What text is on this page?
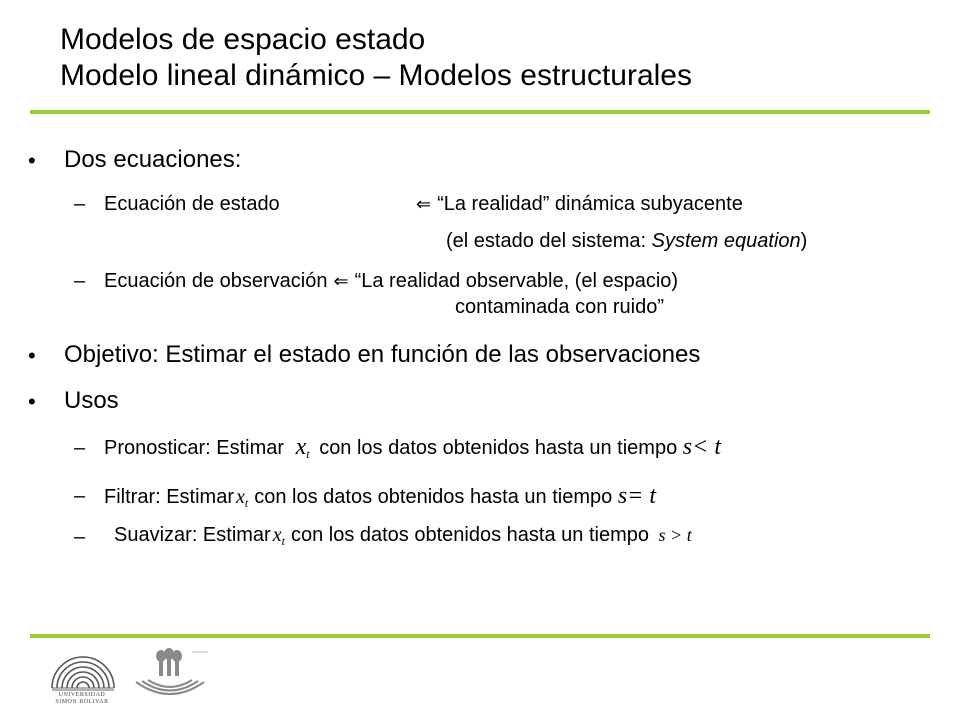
Modelos de espacio estado
Modelo lineal dinámico – Modelos estructurales
• Dos ecuaciones:
– Ecuación de estado	⇐ “La realidad” dinámica subyacente
(el estado del sistema: System equation)
– Ecuación de observación ⇐ “La realidad observable, (el espacio)
contaminada con ruido”
• Objetivo: Estimar el estado en función de las observaciones
• Usos
– Pronosticar: Estimar $x_t$ con los datos obtenidos hasta un tiempo s< t
– Filtrar: Estimar $x_t$ con los datos obtenidos hasta un tiempo s= t
– Suavizar: Estimar $x_t$ con los datos obtenidos hasta un tiempo s > t
UNIVERSIDAD SIMON BOLIVAR
